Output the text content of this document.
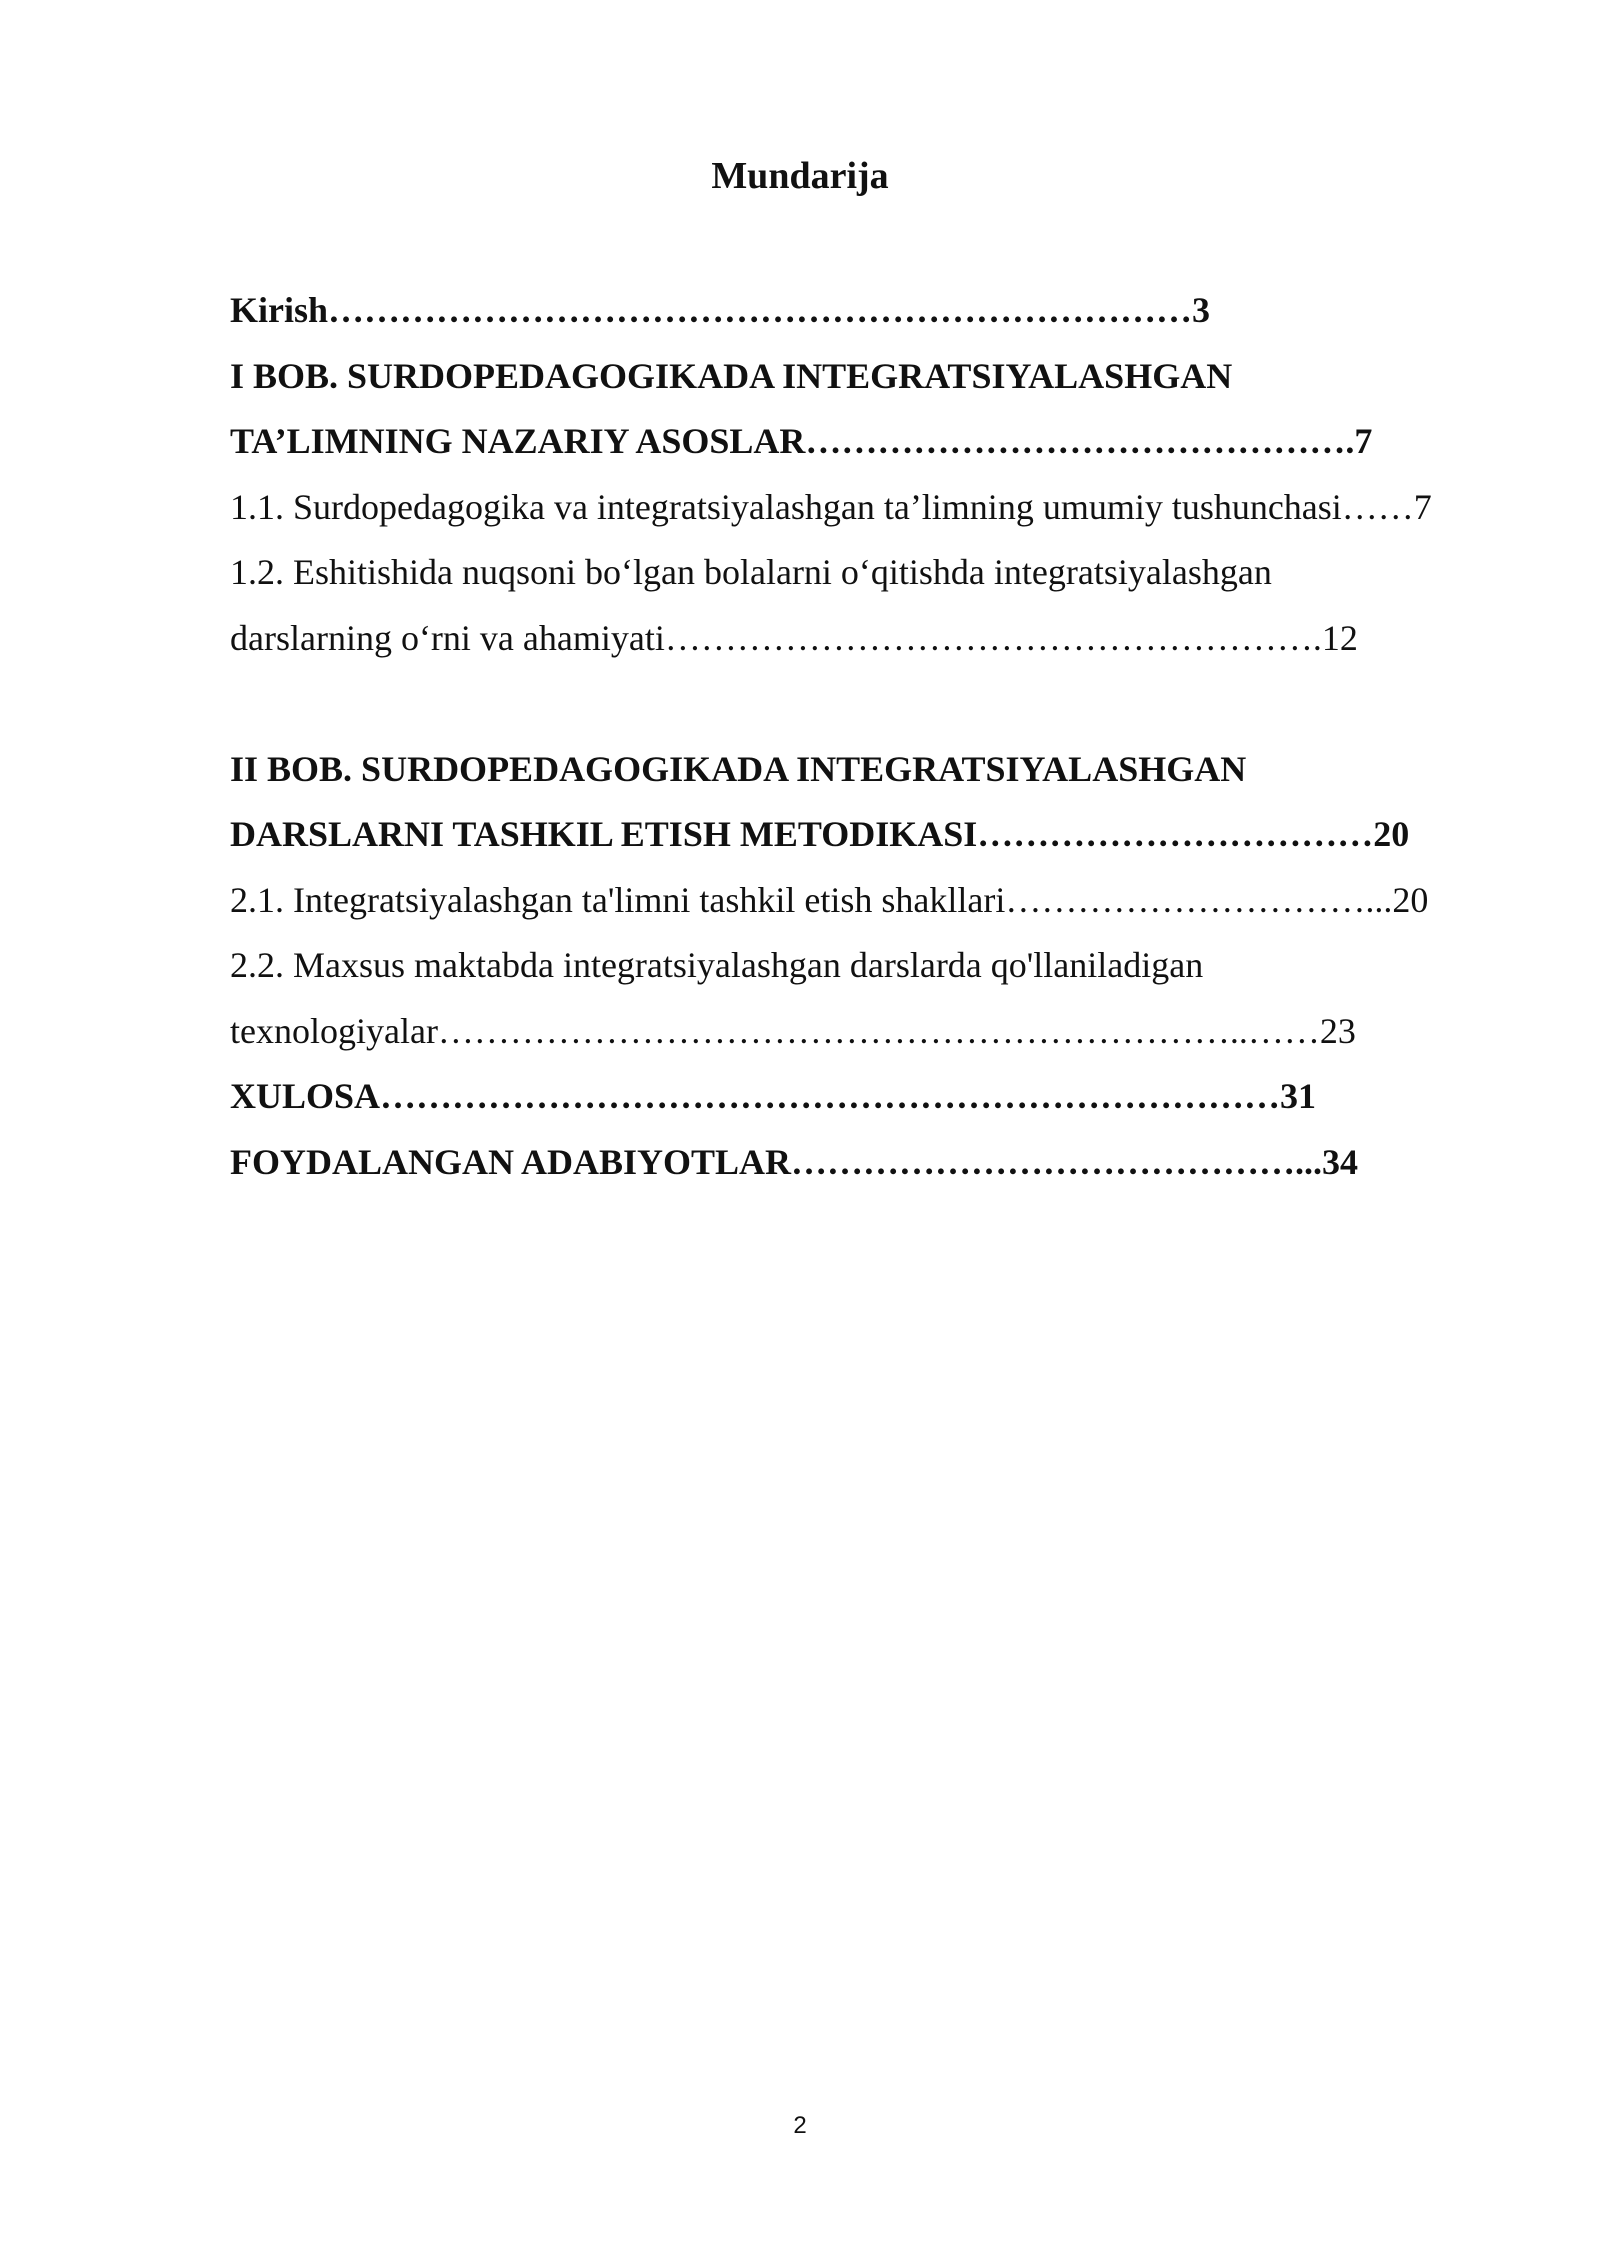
Mundarija
Kirish………………………………………………………………3
I BOB. SURDOPEDAGOGIKADA INTEGRATSIYALASHGAN
TA’LIMNING NAZARIY ASOSLAR……………………………………….7
1.1. Surdopedagogika va integratsiyalashgan ta’limning umumiy tushunchasi……7
1.2. Eshitishida nuqsoni bo‘lgan bolalarni o‘qitishda integratsiyalashgan
darslarning o‘rni va ahamiyati……………………………………………….12
II BOB. SURDOPEDAGOGIKADA INTEGRATSIYALASHGAN
DARSLARNI TASHKIL ETISH METODIKASI……………………………20
2.1. Integratsiyalashgan ta'limni tashkil etish shakllari…………………………...20
2.2. Maxsus maktabda integratsiyalashgan darslarda qo'llaniladigan
texnologiyalar…………………………………………………………..……23
XULOSA…………………………………………………………………31
FOYDALANGAN ADABIYOTLAR……………………………………...34
2
